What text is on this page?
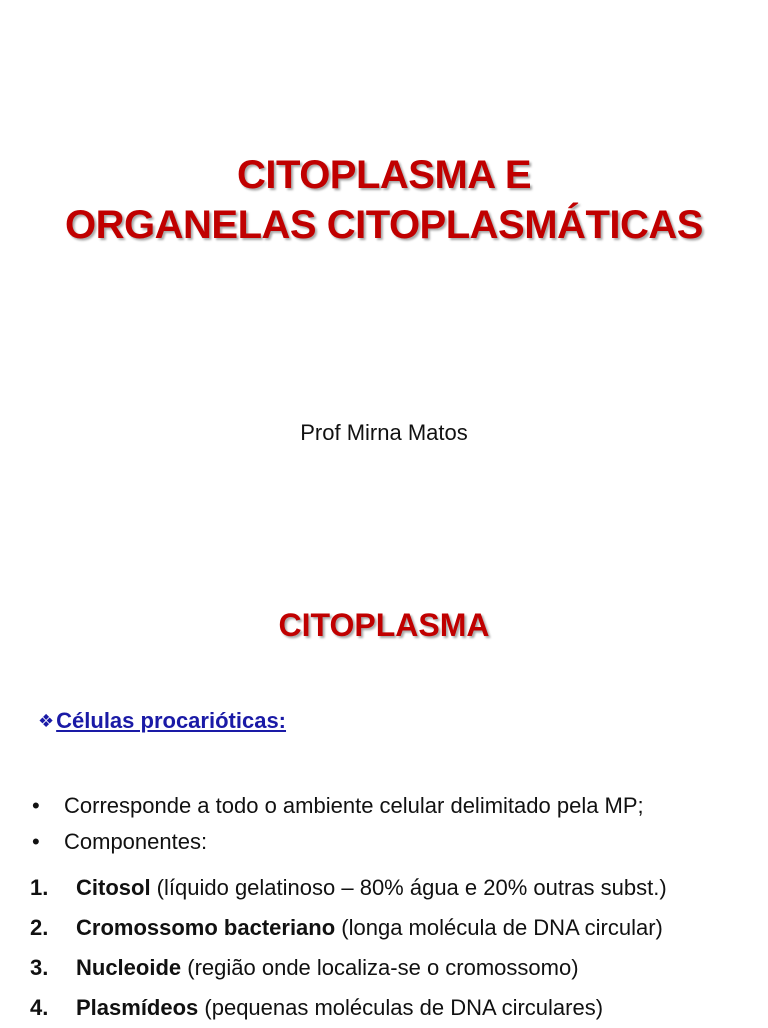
CITOPLASMA E
ORGANELAS CITOPLASMÁTICAS
Prof Mirna Matos
CITOPLASMA
❖ Células procarióticas:
• Corresponde a todo o ambiente celular delimitado pela MP;
• Componentes:
1. Citosol (líquido gelatinoso – 80% água e 20% outras subst.)
2. Cromossomo bacteriano (longa molécula de DNA circular)
3. Nucleoide (região onde localiza-se o cromossomo)
4. Plasmídeos (pequenas moléculas de DNA circulares)
